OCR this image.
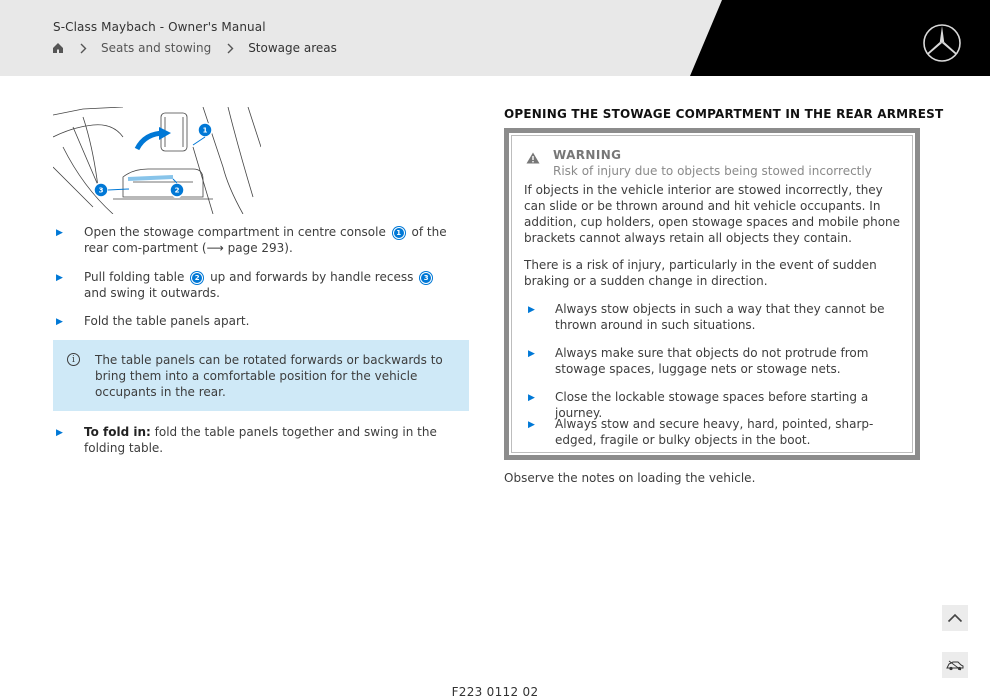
S-Class Maybach - Owner's Manual
Seats and stowing	Stowage areas
1
2
3
▶ Open the stowage compartment in centre console 1 of the rear com-partment (⟶ page 293).
▶ Pull folding table 2 up and forwards by handle recess 3 and swing it outwards.
▶ Fold the table panels apart.
i	The table panels can be rotated forwards or backwards to bring them into a comfortable position for the vehicle occupants in the rear.
▶ To fold in: fold the table panels together and swing in the folding table.
OPENING THE STOWAGE COMPARTMENT IN THE REAR ARMREST
WARNING
Risk of injury due to objects being stowed incorrectly
If objects in the vehicle interior are stowed incorrectly, they can slide or be thrown around and hit vehicle occupants. In addition, cup holders, open stowage spaces and mobile phone brackets cannot always retain all objects they contain.
There is a risk of injury, particularly in the event of sudden braking or a sudden change in direction.
▶ Always stow objects in such a way that they cannot be thrown around in such situations.
▶ Always make sure that objects do not protrude from stowage spaces, luggage nets or stowage nets.
▶ Close the lockable stowage spaces before starting a journey.
▶ Always stow and secure heavy, hard, pointed, sharp-edged, fragile or bulky objects in the boot.
Observe the notes on loading the vehicle.
F223 0112 02
